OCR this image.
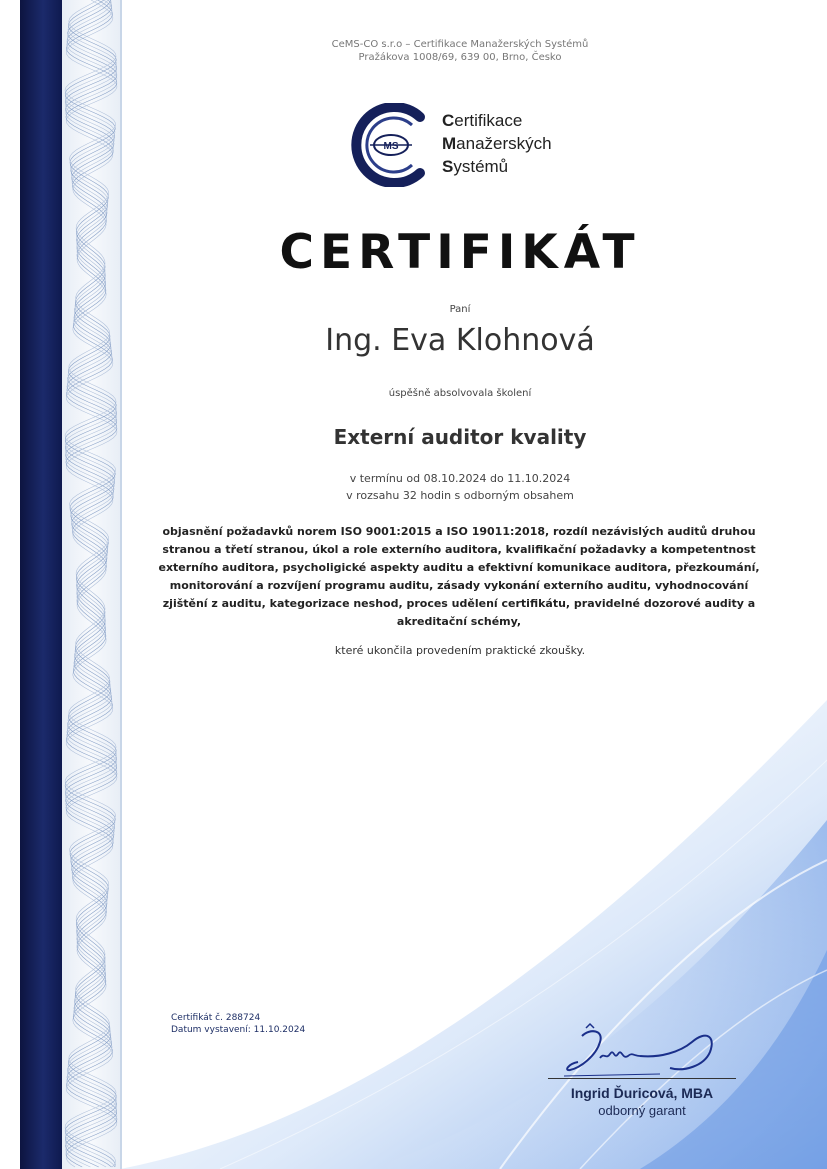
CeMS-CO s.r.o – Certifikace Manažerských Systémů
Pražákova 1008/69, 639 00, Brno, Česko
MS
Certifikace
Manažerských
Systémů
CERTIFIKÁT
Paní
Ing. Eva Klohnová
úspěšně absolvovala školení
Externí auditor kvality
v termínu od 08.10.2024 do 11.10.2024
v rozsahu 32 hodin s odborným obsahem
objasnění požadavků norem ISO 9001:2015 a ISO 19011:2018, rozdíl nezávislých auditů druhou stranou a třetí stranou, úkol a role externího auditora, kvalifikační požadavky a kompetentnost externího auditora, psycholigické aspekty auditu a efektivní komunikace auditora, přezkoumání, monitorování a rozvíjení programu auditu, zásady vykonání externího auditu, vyhodnocování zjištění z auditu, kategorizace neshod, proces udělení certifikátu, pravidelné dozorové audity a akreditační schémy,
které ukončila provedením praktické zkoušky.
Certifikát č. 288724
Datum vystavení: 11.10.2024
Ingrid Ďuricová, MBA
odborný garant
